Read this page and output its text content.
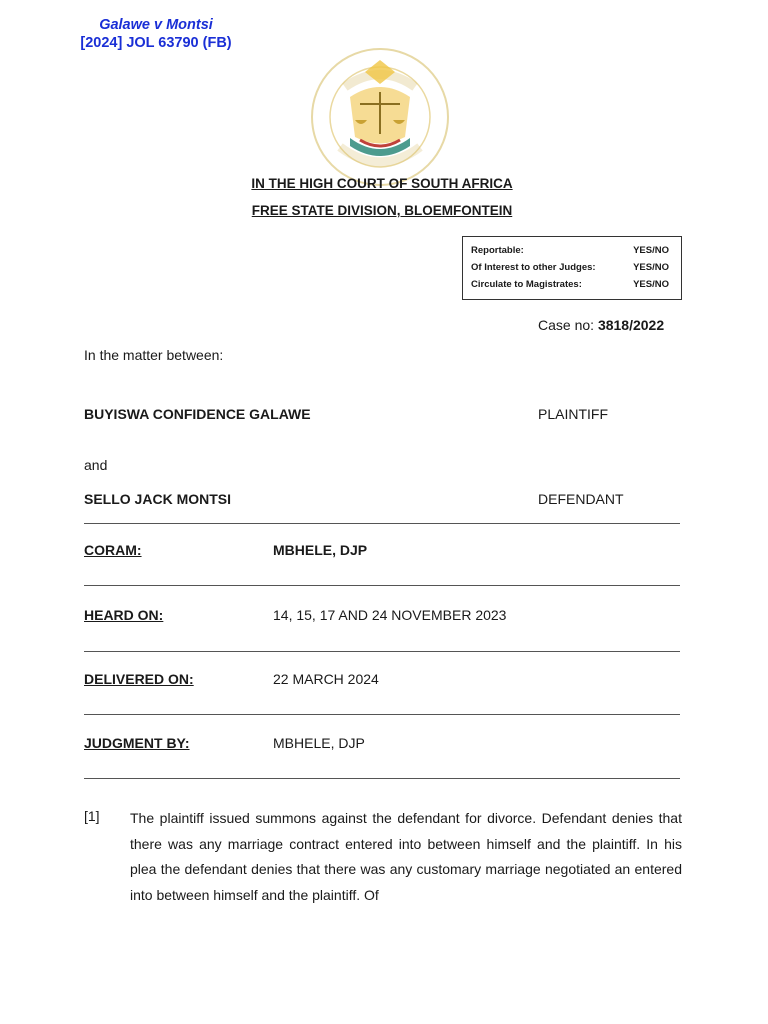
Galawe v Montsi
[2024] JOL 63790 (FB)
IN THE HIGH COURT OF SOUTH AFRICA
FREE STATE DIVISION, BLOEMFONTEIN
Reportable:	YES/NO
Of Interest to other Judges:	YES/NO
Circulate to Magistrates:	YES/NO
Case no: 3818/2022
In the matter between:
BUYISWA CONFIDENCE GALAWE	PLAINTIFF
and
SELLO JACK MONTSI	DEFENDANT
CORAM:	MBHELE, DJP
HEARD ON:	14, 15, 17 AND 24 NOVEMBER 2023
DELIVERED ON:	22 MARCH 2024
JUDGMENT BY:	MBHELE, DJP
[1] The plaintiff issued summons against the defendant for divorce. Defendant denies that there was any marriage contract entered into between himself and the plaintiff. In his plea the defendant denies that there was any customary marriage negotiated an entered into between himself and the plaintiff. Of
